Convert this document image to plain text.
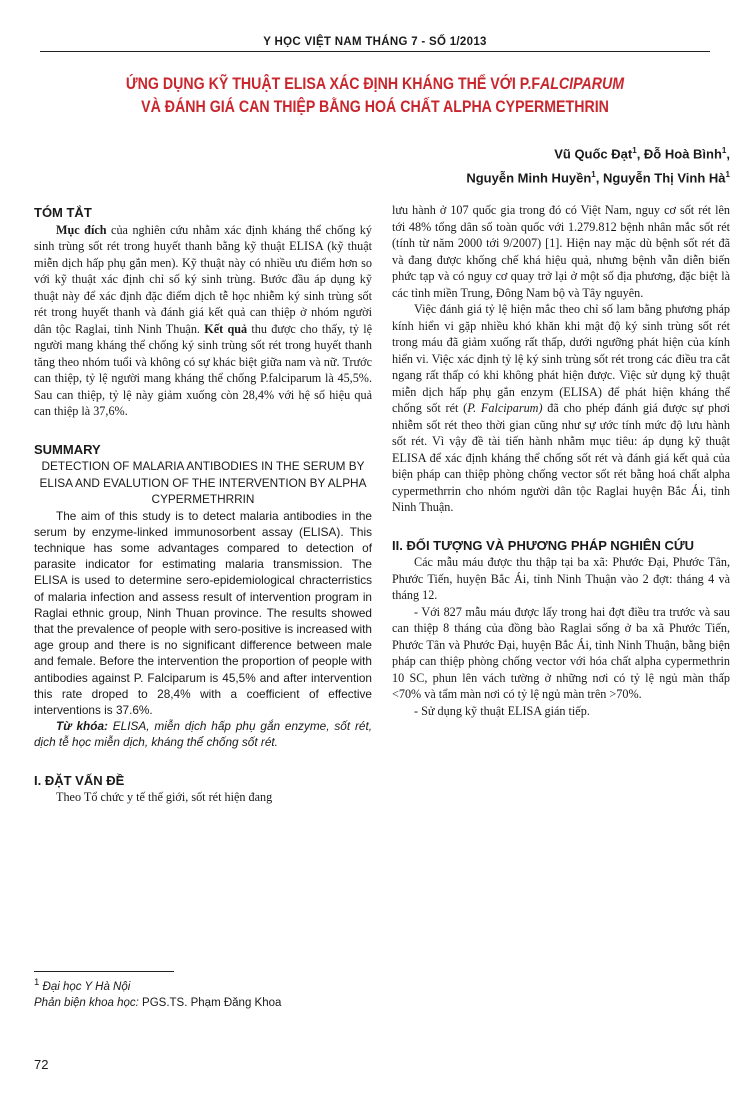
Y HỌC VIỆT NAM THÁNG 7 - SỐ 1/2013
ỨNG DỤNG KỸ THUẬT ELISA XÁC ĐỊNH KHÁNG THỂ VỚI P.FALCIPARUM
VÀ ĐÁNH GIÁ CAN THIỆP BẰNG HOÁ CHẤT ALPHA CYPERMETHRIN
Vũ Quốc Đạt$^1$, Đỗ Hoà Bình$^1$,
Nguyễn Minh Huyền$^1$, Nguyễn Thị Vinh $Hà^1$

TÓM TẮT

Mục đích của nghiên cứu nhằm xác định kháng thể chống ký sinh trùng sốt rét trong huyết thanh bằng kỹ thuật ELISA (kỹ thuật miễn dịch hấp phụ gắn men). Kỹ thuật này có nhiều ưu điểm hơn so với kỹ thuật xác định chỉ số ký sinh trùng. Bước đầu áp dụng kỹ thuật này để xác định đặc điểm dịch tễ học nhiễm ký sinh trùng sốt rét trong huyết thanh và đánh giá kết quả can thiệp ở nhóm người dân tộc Raglai, tỉnh Ninh Thuận. Kết quả thu được cho thấy, tỷ lệ người mang kháng thể chống ký sinh trùng sốt rét trong huyết thanh tăng theo nhóm tuổi và không có sự khác biệt giữa nam và nữ. Trước can thiệp, tỷ lệ người mang kháng thể chống P.falciparum là 45,5%. Sau can thiệp, tỷ lệ này giảm xuống còn 28,4% với hệ số hiệu quả can thiệp là 37,6%.

SUMMARY

DETECTION OF MALARIA ANTIBODIES IN THE SERUM BY ELISA AND EVALUTION OF THE INTERVENTION BY ALPHA CYPERMETHRRIN

The aim of this study is to detect malaria antibodies in the serum by enzyme-linked immunosorbent assay (ELISA). This technique has some advantages compared to detection of parasite indicator for estimating malaria transmission. The ELISA is used to determine sero-epidemiological chracterristics of malaria infection and assess result of intervention program in Raglai ethnic group, Ninh Thuan province. The results showed that the prevalence of people with sero-positive is increased with age group and there is no significant difference between male and female. Before the intervention the proportion of people with antibodies against P. Falciparum is 45,5% and after intervention this rate droped to 28,4% with a coefficient of effective interventions is 37.6%.

Từ khóa: ELISA, miễn dịch hấp phụ gắn enzyme, sốt rét, dịch tễ học miễn dịch, kháng thể chống sốt rét.

I. ĐẶT VẤN ĐỀ

Theo Tổ chức y tế thế giới, sốt rét hiện đang

lưu hành ở 107 quốc gia trong đó có Việt Nam, nguy cơ sốt rét lên tới 48% tổng dân số toàn quốc với 1.279.812 bệnh nhân mắc sốt rét (tính từ năm 2000 tới 9/2007) [1]. Hiện nay mặc dù bệnh sốt rét đã và đang được khống chế khá hiệu quả, nhưng bệnh vẫn diễn biến phức tạp và có nguy cơ quay trở lại ở một số địa phương, đặc biệt là các tỉnh miền Trung, Đông Nam bộ và Tây nguyên.

Việc đánh giá tỷ lệ hiện mắc theo chỉ số lam bằng phương pháp kính hiển vi gặp nhiều khó khăn khi mật độ ký sinh trùng sốt rét trong máu đã giảm xuống rất thấp, dưới ngưỡng phát hiện của kính hiển vi. Việc xác định tỷ lệ ký sinh trùng sốt rét trong các điều tra cắt ngang rất thấp có khi không phát hiện được. Việc sử dụng kỹ thuật miễn dịch hấp phụ gắn enzym (ELISA) để phát hiện kháng thể chống sốt rét (P. Falciparum) đã cho phép đánh giá được sự phơi nhiễm sốt rét theo thời gian cũng như sự ước tính mức độ lưu hành sốt rét. Vì vậy đề tài tiến hành nhằm mục tiêu: áp dụng kỹ thuật ELISA để xác định kháng thể chống sốt rét và đánh giá kết quả của biện pháp can thiệp phòng chống vector sốt rét bằng hoá chất alpha cypermethrrin cho nhóm người dân tộc Raglai huyện Bắc Ái, tỉnh Ninh Thuận.

II. ĐỐI TƯỢNG VÀ PHƯƠNG PHÁP NGHIÊN CỨU

Các mẫu máu được thu thập tại ba xã: Phước Đại, Phước Tân, Phước Tiến, huyện Bắc Ái, tỉnh Ninh Thuận vào 2 đợt: tháng 4 và tháng 12.

- Với 827 mẫu máu được lấy trong hai đợt điều tra trước và sau can thiệp 8 tháng của đồng bào Raglai sống ở ba xã Phước Tiến, Phước Tân và Phước Đại, huyện Bắc Ái, tỉnh Ninh Thuận, bằng biện pháp can thiệp phòng chống vector với hóa chất alpha cypermethrin 10 SC, phun lên vách tường ở những nơi có tỷ lệ ngủ màn thấp <70% và tẩm màn nơi có tỷ lệ ngủ màn trên >70%.

- Sử dụng kỹ thuật ELISA gián tiếp.

$^1$ Đại học Y Hà Nội
Phản biện khoa học: PGS.TS. Phạm Đăng Khoa
72
